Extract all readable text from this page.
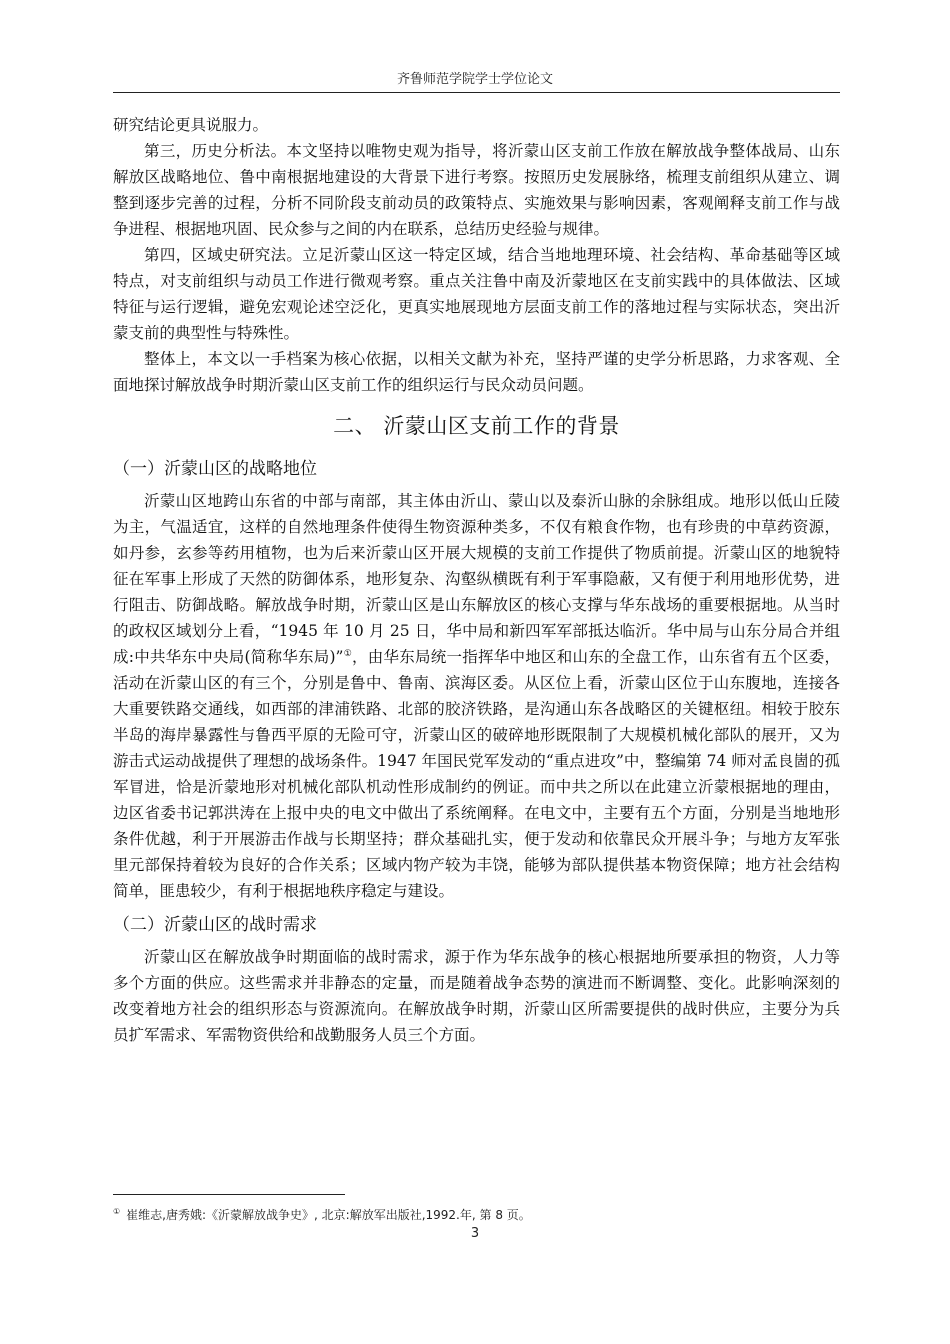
齐鲁师范学院学士学位论文

研究结论更具说服力。

第三，历史分析法。本文坚持以唯物史观为指导，将沂蒙山区支前工作放在解放战争整体战局、山东解放区战略地位、鲁中南根据地建设的大背景下进行考察。按照历史发展脉络，梳理支前组织从建立、调整到逐步完善的过程，分析不同阶段支前动员的政策特点、实施效果与影响因素，客观阐释支前工作与战争进程、根据地巩固、民众参与之间的内在联系，总结历史经验与规律。

第四，区域史研究法。立足沂蒙山区这一特定区域，结合当地地理环境、社会结构、革命基础等区域特点，对支前组织与动员工作进行微观考察。重点关注鲁中南及沂蒙地区在支前实践中的具体做法、区域特征与运行逻辑，避免宏观论述空泛化，更真实地展现地方层面支前工作的落地过程与实际状态，突出沂蒙支前的典型性与特殊性。

整体上，本文以一手档案为核心依据，以相关文献为补充，坚持严谨的史学分析思路，力求客观、全面地探讨解放战争时期沂蒙山区支前工作的组织运行与民众动员问题。

二、 沂蒙山区支前工作的背景
（一）沂蒙山区的战略地位

沂蒙山区地跨山东省的中部与南部，其主体由沂山、蒙山以及泰沂山脉的余脉组成。地形以低山丘陵为主，气温适宜，这样的自然地理条件使得生物资源种类多，不仅有粮食作物，也有珍贵的中草药资源，如丹参，玄参等药用植物，也为后来沂蒙山区开展大规模的支前工作提供了物质前提。沂蒙山区的地貌特征在军事上形成了天然的防御体系，地形复杂、沟壑纵横既有利于军事隐蔽，又有便于利用地形优势，进行阻击、防御战略。解放战争时期，沂蒙山区是山东解放区的核心支撑与华东战场的重要根据地。从当时的政权区域划分上看，“1945 年 10 月 25 日，华中局和新四军军部抵达临沂。华中局与山东分局合并组成:中共华东中央局(简称华东局)”①，由华东局统一指挥华中地区和山东的全盘工作，山东省有五个区委，活动在沂蒙山区的有三个，分别是鲁中、鲁南、滨海区委。从区位上看，沂蒙山区位于山东腹地，连接各大重要铁路交通线，如西部的津浦铁路、北部的胶济铁路，是沟通山东各战略区的关键枢纽。相较于胶东半岛的海岸暴露性与鲁西平原的无险可守，沂蒙山区的破碎地形既限制了大规模机械化部队的展开，又为游击式运动战提供了理想的战场条件。1947 年国民党军发动的“重点进攻”中，整编第 74 师对孟良崮的孤军冒进，恰是沂蒙地形对机械化部队机动性形成制约的例证。而中共之所以在此建立沂蒙根据地的理由，边区省委书记郭洪涛在上报中央的电文中做出了系统阐释。在电文中，主要有五个方面，分别是当地地形条件优越，利于开展游击作战与长期坚持；群众基础扎实，便于发动和依靠民众开展斗争；与地方友军张里元部保持着较为良好的合作关系；区域内物产较为丰饶，能够为部队提供基本物资保障；地方社会结构简单，匪患较少，有利于根据地秩序稳定与建设。

（二）沂蒙山区的战时需求

沂蒙山区在解放战争时期面临的战时需求，源于作为华东战争的核心根据地所要承担的物资，人力等多个方面的供应。这些需求并非静态的定量，而是随着战争态势的演进而不断调整、变化。此影响深刻的改变着地方社会的组织形态与资源流向。在解放战争时期，沂蒙山区所需要提供的战时供应，主要分为兵员扩军需求、军需物资供给和战勤服务人员三个方面。

① 崔维志,唐秀娥:《沂蒙解放战争史》, 北京:解放军出版社,1992.年, 第 8 页。
3
